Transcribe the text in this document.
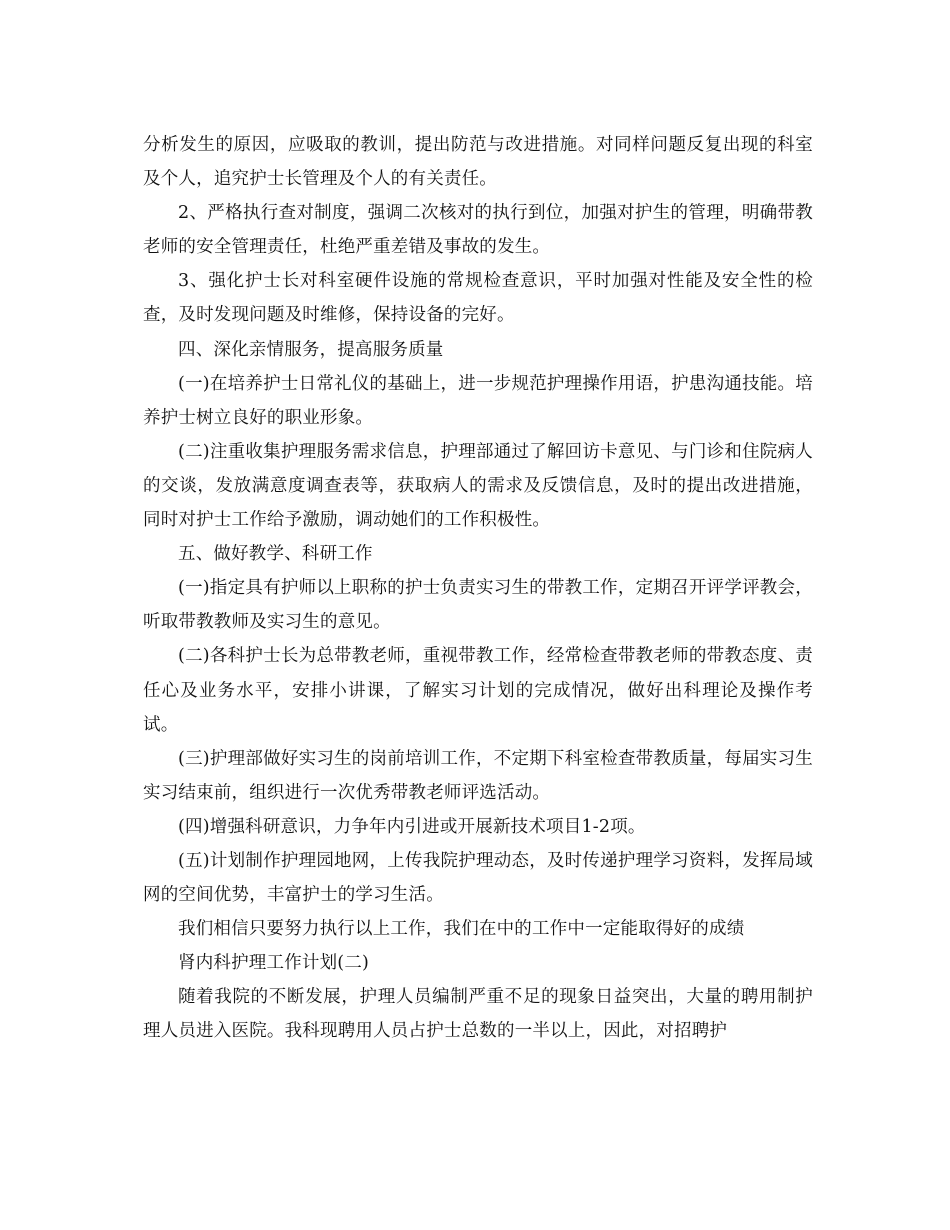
分析发生的原因，应吸取的教训，提出防范与改进措施。对同样问题反复出现的科室及个人，追究护士长管理及个人的有关责任。

2、严格执行查对制度，强调二次核对的执行到位，加强对护生的管理，明确带教老师的安全管理责任，杜绝严重差错及事故的发生。

3、强化护士长对科室硬件设施的常规检查意识，平时加强对性能及安全性的检查，及时发现问题及时维修，保持设备的完好。

四、深化亲情服务，提高服务质量

(一)在培养护士日常礼仪的基础上，进一步规范护理操作用语，护患沟通技能。培养护士树立良好的职业形象。

(二)注重收集护理服务需求信息，护理部通过了解回访卡意见、与门诊和住院病人的交谈，发放满意度调查表等，获取病人的需求及反馈信息，及时的提出改进措施，同时对护士工作给予激励，调动她们的工作积极性。

五、做好教学、科研工作

(一)指定具有护师以上职称的护士负责实习生的带教工作，定期召开评学评教会，听取带教教师及实习生的意见。

(二)各科护士长为总带教老师，重视带教工作，经常检查带教老师的带教态度、责任心及业务水平，安排小讲课，了解实习计划的完成情况，做好出科理论及操作考试。

(三)护理部做好实习生的岗前培训工作，不定期下科室检查带教质量，每届实习生实习结束前，组织进行一次优秀带教老师评选活动。

(四)增强科研意识，力争年内引进或开展新技术项目1-2项。

(五)计划制作护理园地网，上传我院护理动态，及时传递护理学习资料，发挥局域网的空间优势，丰富护士的学习生活。

我们相信只要努力执行以上工作，我们在中的工作中一定能取得好的成绩

肾内科护理工作计划(二)

随着我院的不断发展，护理人员编制严重不足的现象日益突出，大量的聘用制护理人员进入医院。我科现聘用人员占护士总数的一半以上，因此，对招聘护
